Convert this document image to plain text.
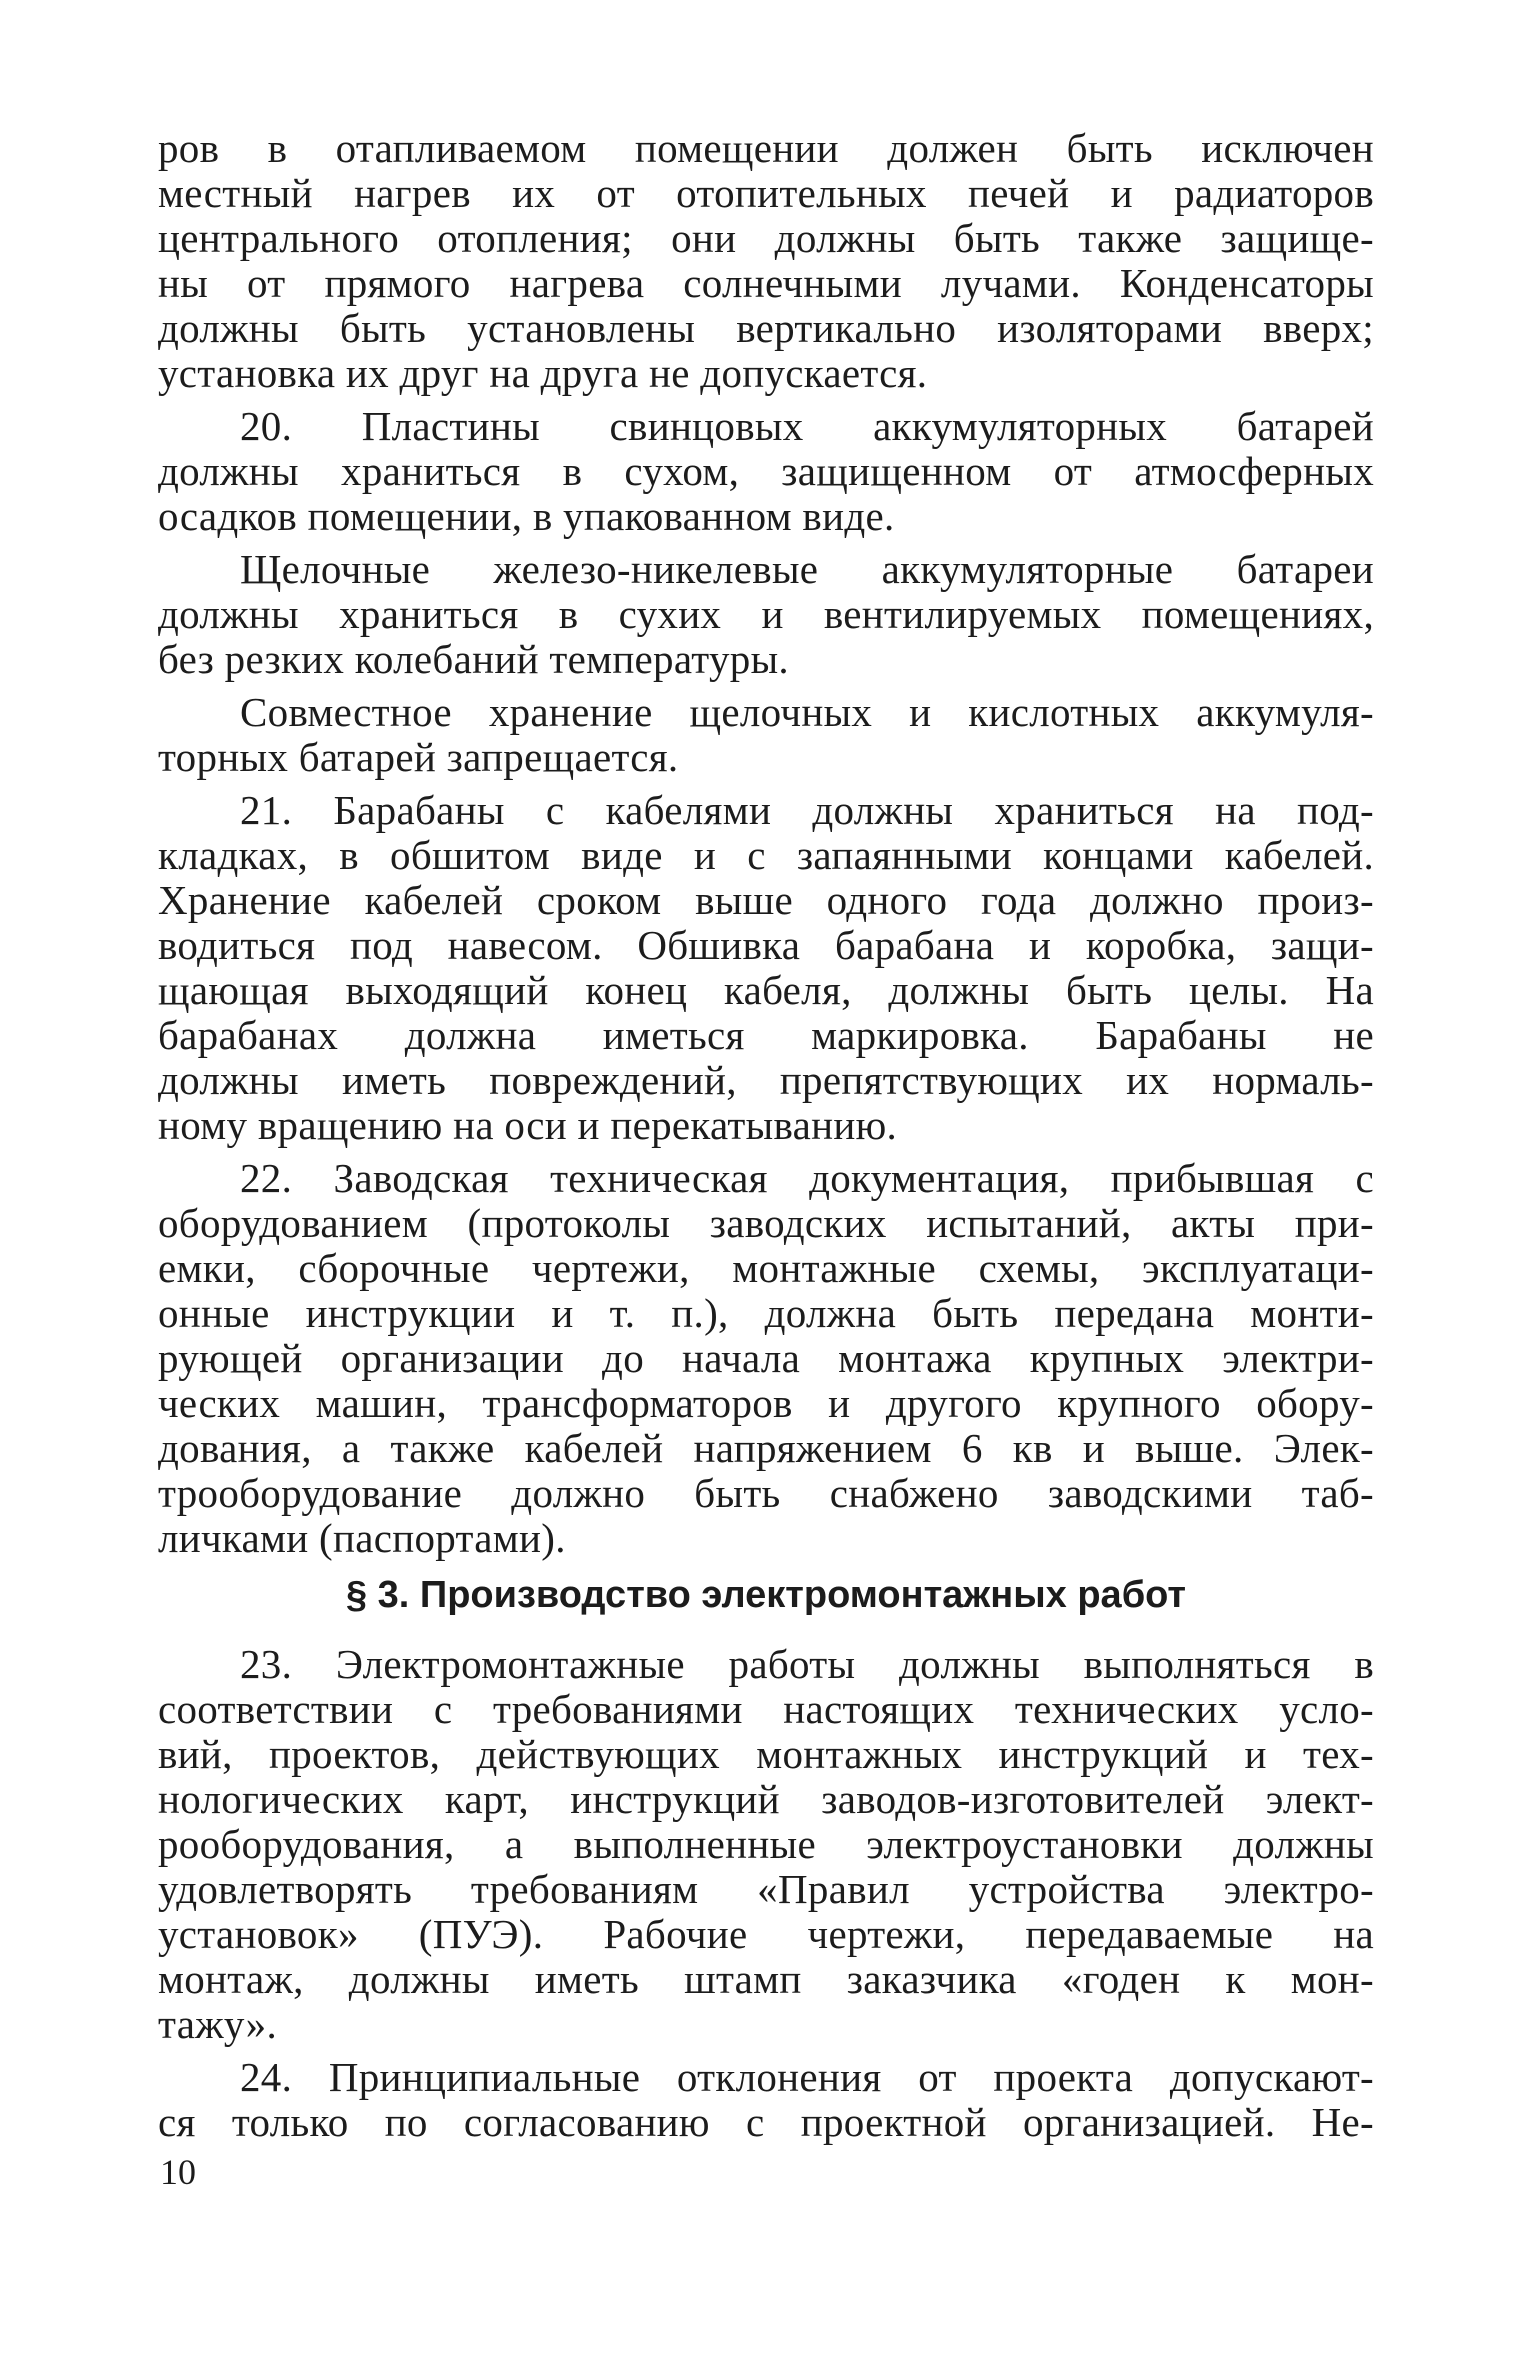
ров в отапливаемом помещении должен быть исключен
местный нагрев их от отопительных печей и радиаторов
центрального отопления; они должны быть также защище-
ны от прямого нагрева солнечными лучами. Конденсаторы
должны быть установлены вертикально изоляторами вверх;
установка их друг на друга не допускается.
20. Пластины свинцовых аккумуляторных батарей
должны храниться в сухом, защищенном от атмосферных
осадков помещении, в упакованном виде.
Щелочные железо-никелевые аккумуляторные батареи
должны храниться в сухих и вентилируемых помещениях,
без резких колебаний температуры.
Совместное хранение щелочных и кислотных аккумуля-
торных батарей запрещается.
21. Барабаны с кабелями должны храниться на под-
кладках, в обшитом виде и с запаянными концами кабелей.
Хранение кабелей сроком выше одного года должно произ-
водиться под навесом. Обшивка барабана и коробка, защи-
щающая выходящий конец кабеля, должны быть целы. На
барабанах должна иметься маркировка. Барабаны не
должны иметь повреждений, препятствующих их нормаль-
ному вращению на оси и перекатыванию.
22. Заводская техническая документация, прибывшая с
оборудованием (протоколы заводских испытаний, акты при-
емки, сборочные чертежи, монтажные схемы, эксплуатаци-
онные инструкции и т. п.), должна быть передана монти-
рующей организации до начала монтажа крупных электри-
ческих машин, трансформаторов и другого крупного обору-
дования, а также кабелей напряжением 6 кв и выше. Элек-
трооборудование должно быть снабжено заводскими таб-
личками (паспортами).
§ 3. Производство электромонтажных работ
23. Электромонтажные работы должны выполняться в
соответствии с требованиями настоящих технических усло-
вий, проектов, действующих монтажных инструкций и тех-
нологических карт, инструкций заводов-изготовителей элект-
рооборудования, а выполненные электроустановки должны
удовлетворять требованиям «Правил устройства электро-
установок» (ПУЭ). Рабочие чертежи, передаваемые на
монтаж, должны иметь штамп заказчика «годен к мон-
тажу».
24. Принципиальные отклонения от проекта допускают-
ся только по согласованию с проектной организацией. Не-
10
